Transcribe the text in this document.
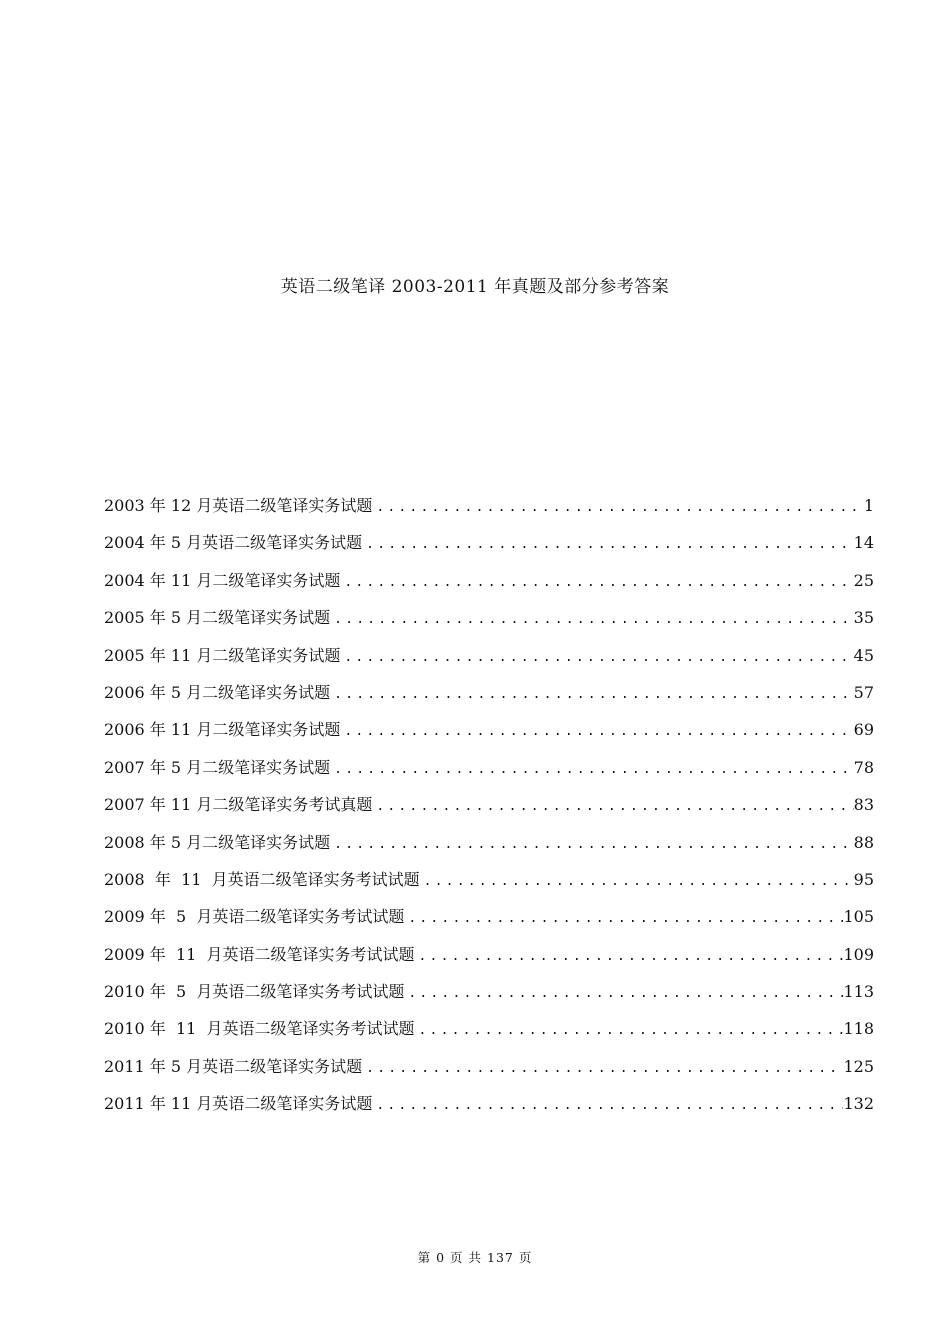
英语二级笔译 2003-2011 年真题及部分参考答案
2003 年 12 月英语二级笔译实务试题 .....	1
2004 年 5 月英语二级笔译实务试题 .....	14
2004 年 11 月二级笔译实务试题 .....	25
2005 年 5 月二级笔译实务试题 .....	35
2005 年 11 月二级笔译实务试题 .....	45
2006 年 5 月二级笔译实务试题 .....	57
2006 年 11 月二级笔译实务试题 .....	69
2007 年 5 月二级笔译实务试题 .....	78
2007 年 11 月二级笔译实务考试真题 .....	83
2008 年 5 月二级笔译实务试题 .....	88
2008  年  11  月英语二级笔译实务考试试题 .....	95
2009 年  5  月英语二级笔译实务考试试题 .....	105
2009 年  11  月英语二级笔译实务考试试题 .....	109
2010 年  5  月英语二级笔译实务考试试题 .....	113
2010 年  11  月英语二级笔译实务考试试题 .....	118
2011 年 5 月英语二级笔译实务试题 .....	125
2011 年 11 月英语二级笔译实务试题 .....	132
第 0 页 共 137 页
